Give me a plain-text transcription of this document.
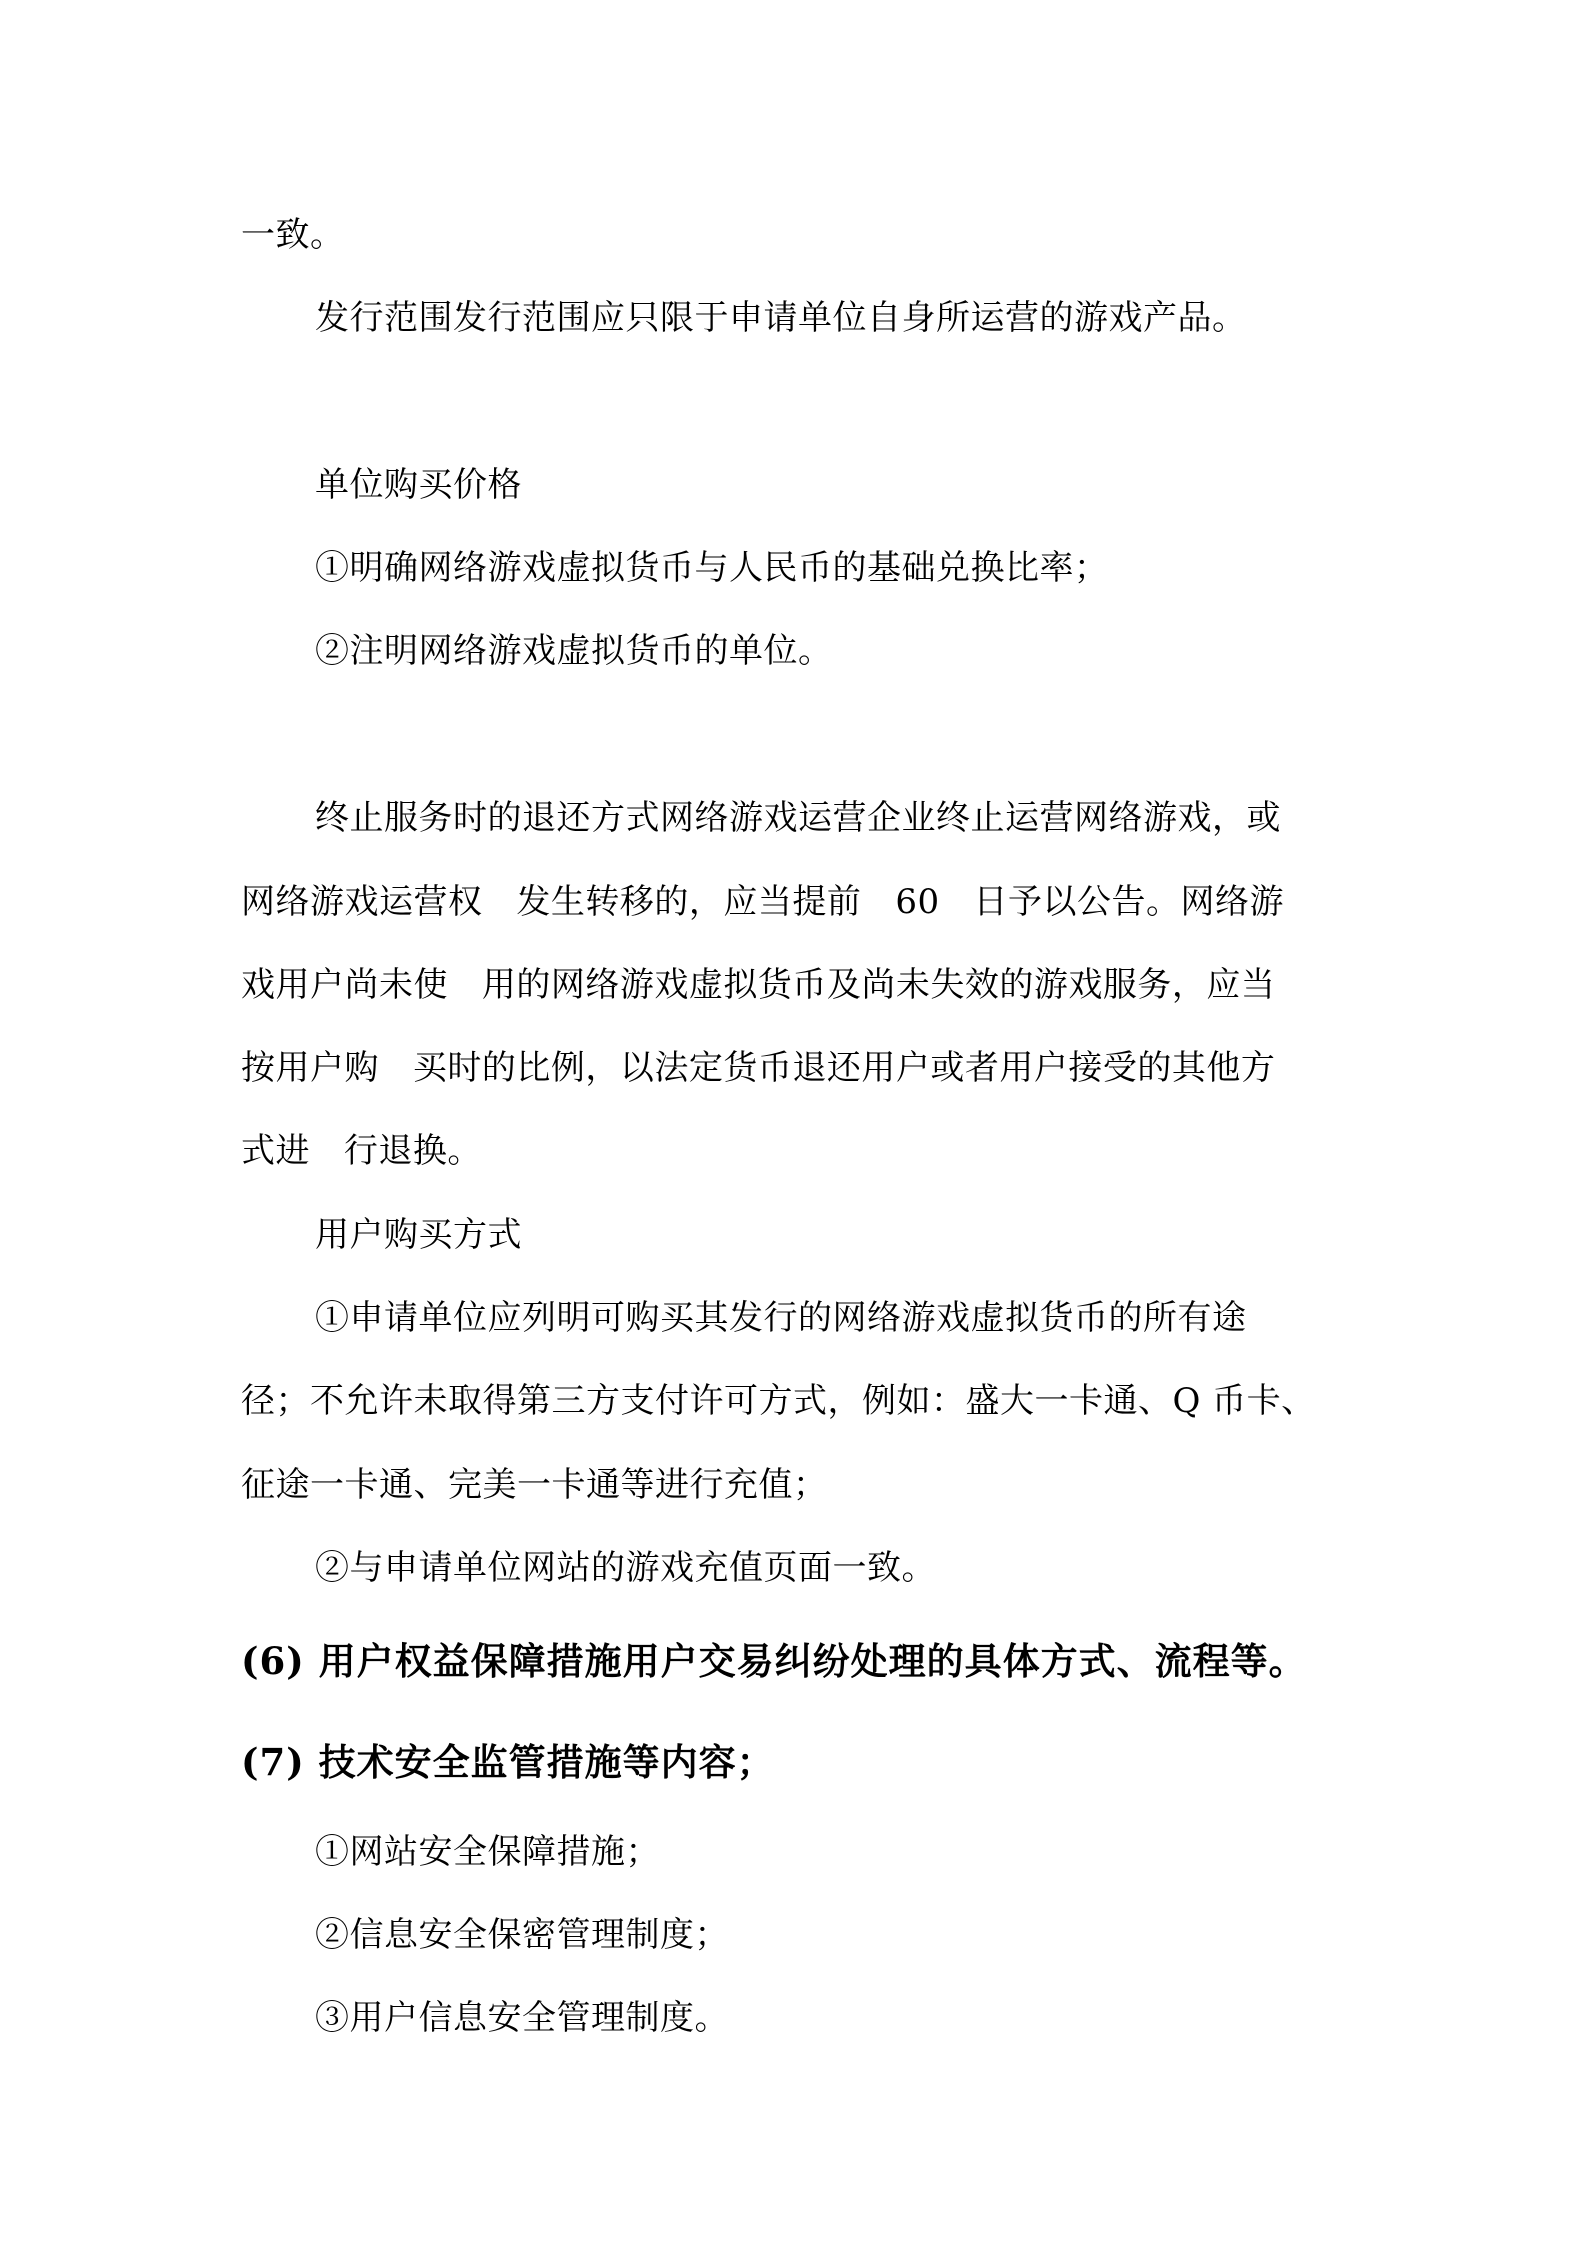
一致。
发行范围发行范围应只限于申请单位自身所运营的游戏产品。
单位购买价格
①明确网络游戏虚拟货币与人民币的基础兑换比率；
②注明网络游戏虚拟货币的单位。
终止服务时的退还方式网络游戏运营企业终止运营网络游戏，或
网络游戏运营权   发生转移的，应当提前   60   日予以公告。网络游
戏用户尚未使   用的网络游戏虚拟货币及尚未失效的游戏服务，应当
按用户购   买时的比例，以法定货币退还用户或者用户接受的其他方
式进   行退换。
用户购买方式
①申请单位应列明可购买其发行的网络游戏虚拟货币的所有途
径；不允许未取得第三方支付许可方式，例如：盛大一卡通、Q 币卡、
征途一卡通、完美一卡通等进行充值；
②与申请单位网站的游戏充值页面一致。
(6) 用户权益保障措施用户交易纠纷处理的具体方式、流程等。
(7) 技术安全监管措施等内容；
①网站安全保障措施；
②信息安全保密管理制度；
③用户信息安全管理制度。
